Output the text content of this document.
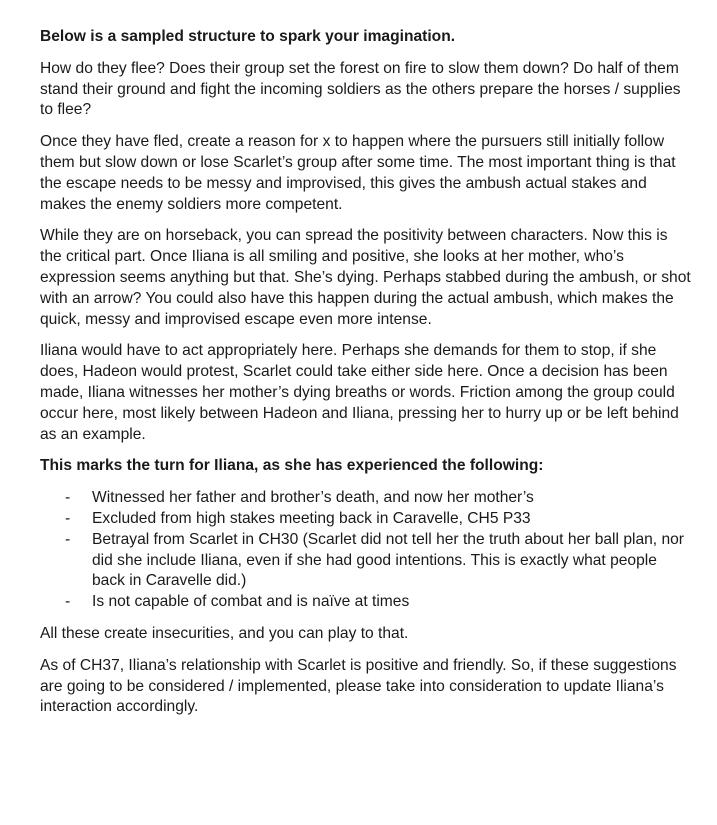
Below is a sampled structure to spark your imagination.

How do they flee? Does their group set the forest on fire to slow them down? Do half of them stand their ground and fight the incoming soldiers as the others prepare the horses / supplies to flee?

Once they have fled, create a reason for x to happen where the pursuers still initially follow them but slow down or lose Scarlet’s group after some time. The most important thing is that the escape needs to be messy and improvised, this gives the ambush actual stakes and makes the enemy soldiers more competent.

While they are on horseback, you can spread the positivity between characters. Now this is the critical part. Once Iliana is all smiling and positive, she looks at her mother, who’s expression seems anything but that. She’s dying. Perhaps stabbed during the ambush, or shot with an arrow? You could also have this happen during the actual ambush, which makes the quick, messy and improvised escape even more intense.

Iliana would have to act appropriately here. Perhaps she demands for them to stop, if she does, Hadeon would protest, Scarlet could take either side here. Once a decision has been made, Iliana witnesses her mother’s dying breaths or words. Friction among the group could occur here, most likely between Hadeon and Iliana, pressing her to hurry up or be left behind as an example.

This marks the turn for Iliana, as she has experienced the following:
- Witnessed her father and brother’s death, and now her mother’s
- Excluded from high stakes meeting back in Caravelle, CH5 P33
- Betrayal from Scarlet in CH30 (Scarlet did not tell her the truth about her ball plan, nor did she include Iliana, even if she had good intentions. This is exactly what people back in Caravelle did.)
- Is not capable of combat and is naïve at times

All these create insecurities, and you can play to that.

As of CH37, Iliana’s relationship with Scarlet is positive and friendly. So, if these suggestions are going to be considered / implemented, please take into consideration to update Iliana’s interaction accordingly.
